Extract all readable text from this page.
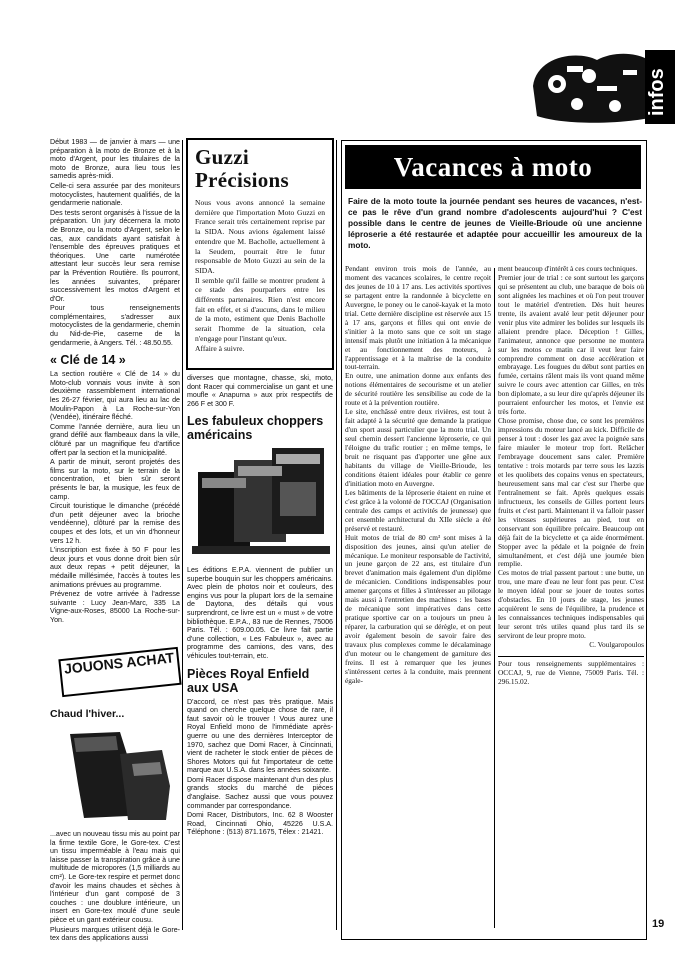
infos

Début 1983 — de janvier à mars — une préparation à la moto de Bronze et à la moto d'Argent, pour les titulaires de la moto de Bronze, aura lieu tous les samedis après-midi.

Celle-ci sera assurée par des moniteurs motocyclistes, hautement qualifiés, de la gendarmerie nationale.

Des tests seront organisés à l'issue de la préparation. Un jury décernera la moto de Bronze, ou la moto d'Argent, selon le cas, aux candidats ayant satisfait à l'ensemble des épreuves pratiques et théoriques. Une carte numérotée attestant leur succès leur sera remise par la Prévention Routière. Ils pourront, les années suivantes, préparer successivement les motos d'Argent et d'Or.

Pour tous renseignements complémentaires, s'adresser aux motocyclistes de la gendarmerie, chemin du Nid-de-Pie, caserne de la gendarmerie, à Angers. Tél. : 48.50.55.

« Clé de 14 »

La section routière « Clé de 14 » du Moto-club vonnais vous invite à son deuxième rassemblement international les 26-27 février, qui aura lieu au lac de Moulin-Papon à La Roche-sur-Yon (Vendée), itinéraire fléché.

Comme l'année dernière, aura lieu un grand défilé aux flambeaux dans la ville, clôturé par un magnifique feu d'artifice offert par la section et la municipalité.

A partir de minuit, seront projetés des films sur la moto, sur le terrain de la concentration, et bien sûr seront présents le bar, la musique, les feux de camp.

Circuit touristique le dimanche (précédé d'un petit déjeuner avec la brioche vendéenne), clôturé par la remise des coupes et des lots, et un vin d'honneur vers 12 h.

L'inscription est fixée à 50 F pour les deux jours et vous donne droit bien sûr aux deux repas + petit déjeuner, la médaille millésimée, l'accès à toutes les animations prévues au programme.

Prévenez de votre arrivée à l'adresse suivante : Lucy Jean-Marc, 335 La Vigne-aux-Roses, 85000 La Roche-sur-Yon.

JOUONS ACHAT
Chaud l'hiver...

...avec un nouveau tissu mis au point par la firme textile Gore, le Gore-tex. C'est un tissu imperméable à l'eau mais qui laisse passer la transpiration grâce à une multitude de micropores (1,5 milliards au cm²). Le Gore-tex respire et permet donc d'avoir les mains chaudes et sèches à l'intérieur d'un gant composé de 3 couches : une doublure intérieure, un insert en Gore-tex moulé d'une seule pièce et un gant extérieur cousu.

Plusieurs marques utilisent déjà le Gore-tex dans des applications aussi

Guzzi Précisions

Nous vous avons annoncé la semaine dernière que l'importation Moto Guzzi en France serait très certainement reprise par la SIDA. Nous avions également laissé entendre que M. Bacholle, actuellement à la Seudem, pourrait être le futur responsable de Moto Guzzi au sein de la SIDA.

Il semble qu'il faille se montrer prudent à ce stade des pourparlers entre les différents partenaires. Rien n'est encore fait en effet, et si d'aucuns, dans le milieu de la moto, estiment que Denis Bacholle serait l'homme de la situation, cela n'engage pour l'instant qu'eux.

Affaire à suivre.

diverses que montagne, chasse, ski, moto, dont Racer qui commercialise un gant et une moufle « Anapurna » aux prix respectifs de 266 F et 300 F.

Les fabuleux choppers américains

Les éditions E.P.A. viennent de publier un superbe bouquin sur les choppers américains. Avec plein de photos noir et couleurs, des engins vus pour la plupart lors de la semaine de Daytona, des détails qui vous surprendront, ce livre est un « must » de votre bibliothèque. E.P.A., 83 rue de Rennes, 75006 Paris. Tél. : 609.00.05. Ce livre fait partie d'une collection, « Les Fabuleux », avec au programme des camions, des vans, des véhicules tout-terrain, etc.

Pièces Royal Enfield aux USA

D'accord, ce n'est pas très pratique. Mais quand on cherche quelque chose de rare, il faut savoir où le trouver ! Vous aurez une Royal Enfield mono de l'immédiate après-guerre ou une des dernières Interceptor de 1970, sachez que Domi Racer, à Cincinnati, vient de racheter le stock entier de pièces de Shores Motors qui fut l'importateur de cette marque aux U.S.A. dans les années soixante.

Domi Racer dispose maintenant d'un des plus grands stocks du marché de pièces d'anglaise. Sachez aussi que vous pouvez commander par correspondance.

Domi Racer, Distributors, Inc. 62 8 Wooster Road, Cincinnati Ohio, 45226 U.S.A. Téléphone : (513) 871.1675, Télex : 21421.

Vacances à moto

Faire de la moto toute la journée pendant ses heures de vacances, n'est-ce pas le rêve d'un grand nombre d'adolescents aujourd'hui ? C'est possible dans le centre de jeunes de Vieille-Brioude où une ancienne léproserie a été restaurée et adaptée pour accueillir les amoureux de la moto.

Pendant environ trois mois de l'année, au moment des vacances scolaires, le centre reçoit des jeunes de 10 à 17 ans. Les activités sportives se partagent entre la randonnée à bicyclette en Auvergne, le poney ou le canoë-kayak et la moto trial. Cette dernière discipline est réservée aux 15 à 17 ans, garçons et filles qui ont envie de s'initier à la moto sans que ce soit un stage intensif mais plutôt une initiation à la mécanique et au fonctionnement des moteurs, à l'apprentissage et à la maîtrise de la conduite tout-terrain.

En outre, une animation donne aux enfants des notions élémentaires de secourisme et un atelier de sécurité routière les sensibilise au code de la route et à la prévention routière.

Le site, enchâssé entre deux rivières, est tout à fait adapté à la sécurité que demande la pratique d'un sport aussi particulier que la moto trial. Un seul chemin dessert l'ancienne léproserie, ce qui l'éloigne du trafic routier ; en même temps, le bruit ne risquant pas d'apporter une gêne aux habitants du village de Vieille-Brioude, les conditions étaient idéales pour établir ce genre d'initiation moto en Auvergne.

Les bâtiments de la léproserie étaient en ruine et c'est grâce à la volonté de l'OCCAJ (Organisation centrale des camps et activités de jeunesse) que cet ensemble architectural du XIIe siècle a été préservé et restauré.

Huit motos de trial de 80 cm³ sont mises à la disposition des jeunes, ainsi qu'un atelier de mécanique. Le moniteur responsable de l'activité, un jeune garçon de 22 ans, est titulaire d'un brevet d'animation mais également d'un diplôme de mécanicien. Conditions indispensables pour amener garçons et filles à s'intéresser au pilotage mais aussi à l'entretien des machines : les bases de mécanique sont impératives dans cette pratique sportive car on a toujours un pneu à réparer, la carburation qui se dérègle, et on peut avoir également besoin de savoir faire des travaux plus complexes comme le décalaminage d'un moteur ou le changement de garniture des freins. Il est à remarquer que les jeunes s'intéressent certes à la conduite, mais prennent égale-

ment beaucoup d'intérêt à ces cours techniques.

Premier jour de trial : ce sont surtout les garçons qui se présentent au club, une baraque de bois où sont alignées les machines et où l'on peut trouver tout le matériel d'entretien. Dès huit heures trente, ils avaient avalé leur petit déjeuner pour venir plus vite admirer les bolides sur lesquels ils allaient prendre place. Déception ! Gilles, l'animateur, annonce que personne ne montera sur les motos ce matin car il veut leur faire comprendre comment on dose accélération et embrayage. Les fougues du début sont parties en fumée, certains râlent mais ils vont quand même suivre le cours avec attention car Gilles, en très bon diplomate, a su leur dire qu'après déjeuner ils pourraient enfourcher les motos, et l'envie est très forte.

Chose promise, chose due, ce sont les premières impressions du moteur lancé au kick. Difficile de penser à tout : doser les gaz avec la poignée sans faire miauler le moteur trop fort. Relâcher l'embrayage doucement sans caler. Première tentative : trois motards par terre sous les lazzis et les quolibets des copains venus en spectateurs, heureusement sans mal car c'est sur l'herbe que l'entraînement se fait. Après quelques essais infructueux, les conseils de Gilles portent leurs fruits et c'est parti. Maintenant il va falloir passer les vitesses supérieures au pied, tout en conservant son équilibre précaire. Beaucoup ont déjà fait de la bicyclette et ça aide énormément. Stopper avec la pédale et la poignée de frein simultanément, et c'est déjà une journée bien remplie.

Ces motos de trial passent partout : une butte, un trou, une mare d'eau ne leur font pas peur. C'est le moyen idéal pour se jouer de toutes sortes d'obstacles. En 10 jours de stage, les jeunes acquièrent le sens de l'équilibre, la prudence et les connaissances techniques indispensables qui leur seront très utiles quand plus tard ils se serviront de leur propre moto.

C. Voulgaropoulos

Pour tous renseignements supplémentaires : OCCAJ, 9, rue de Vienne, 75009 Paris. Tél. : 296.15.02.

19
